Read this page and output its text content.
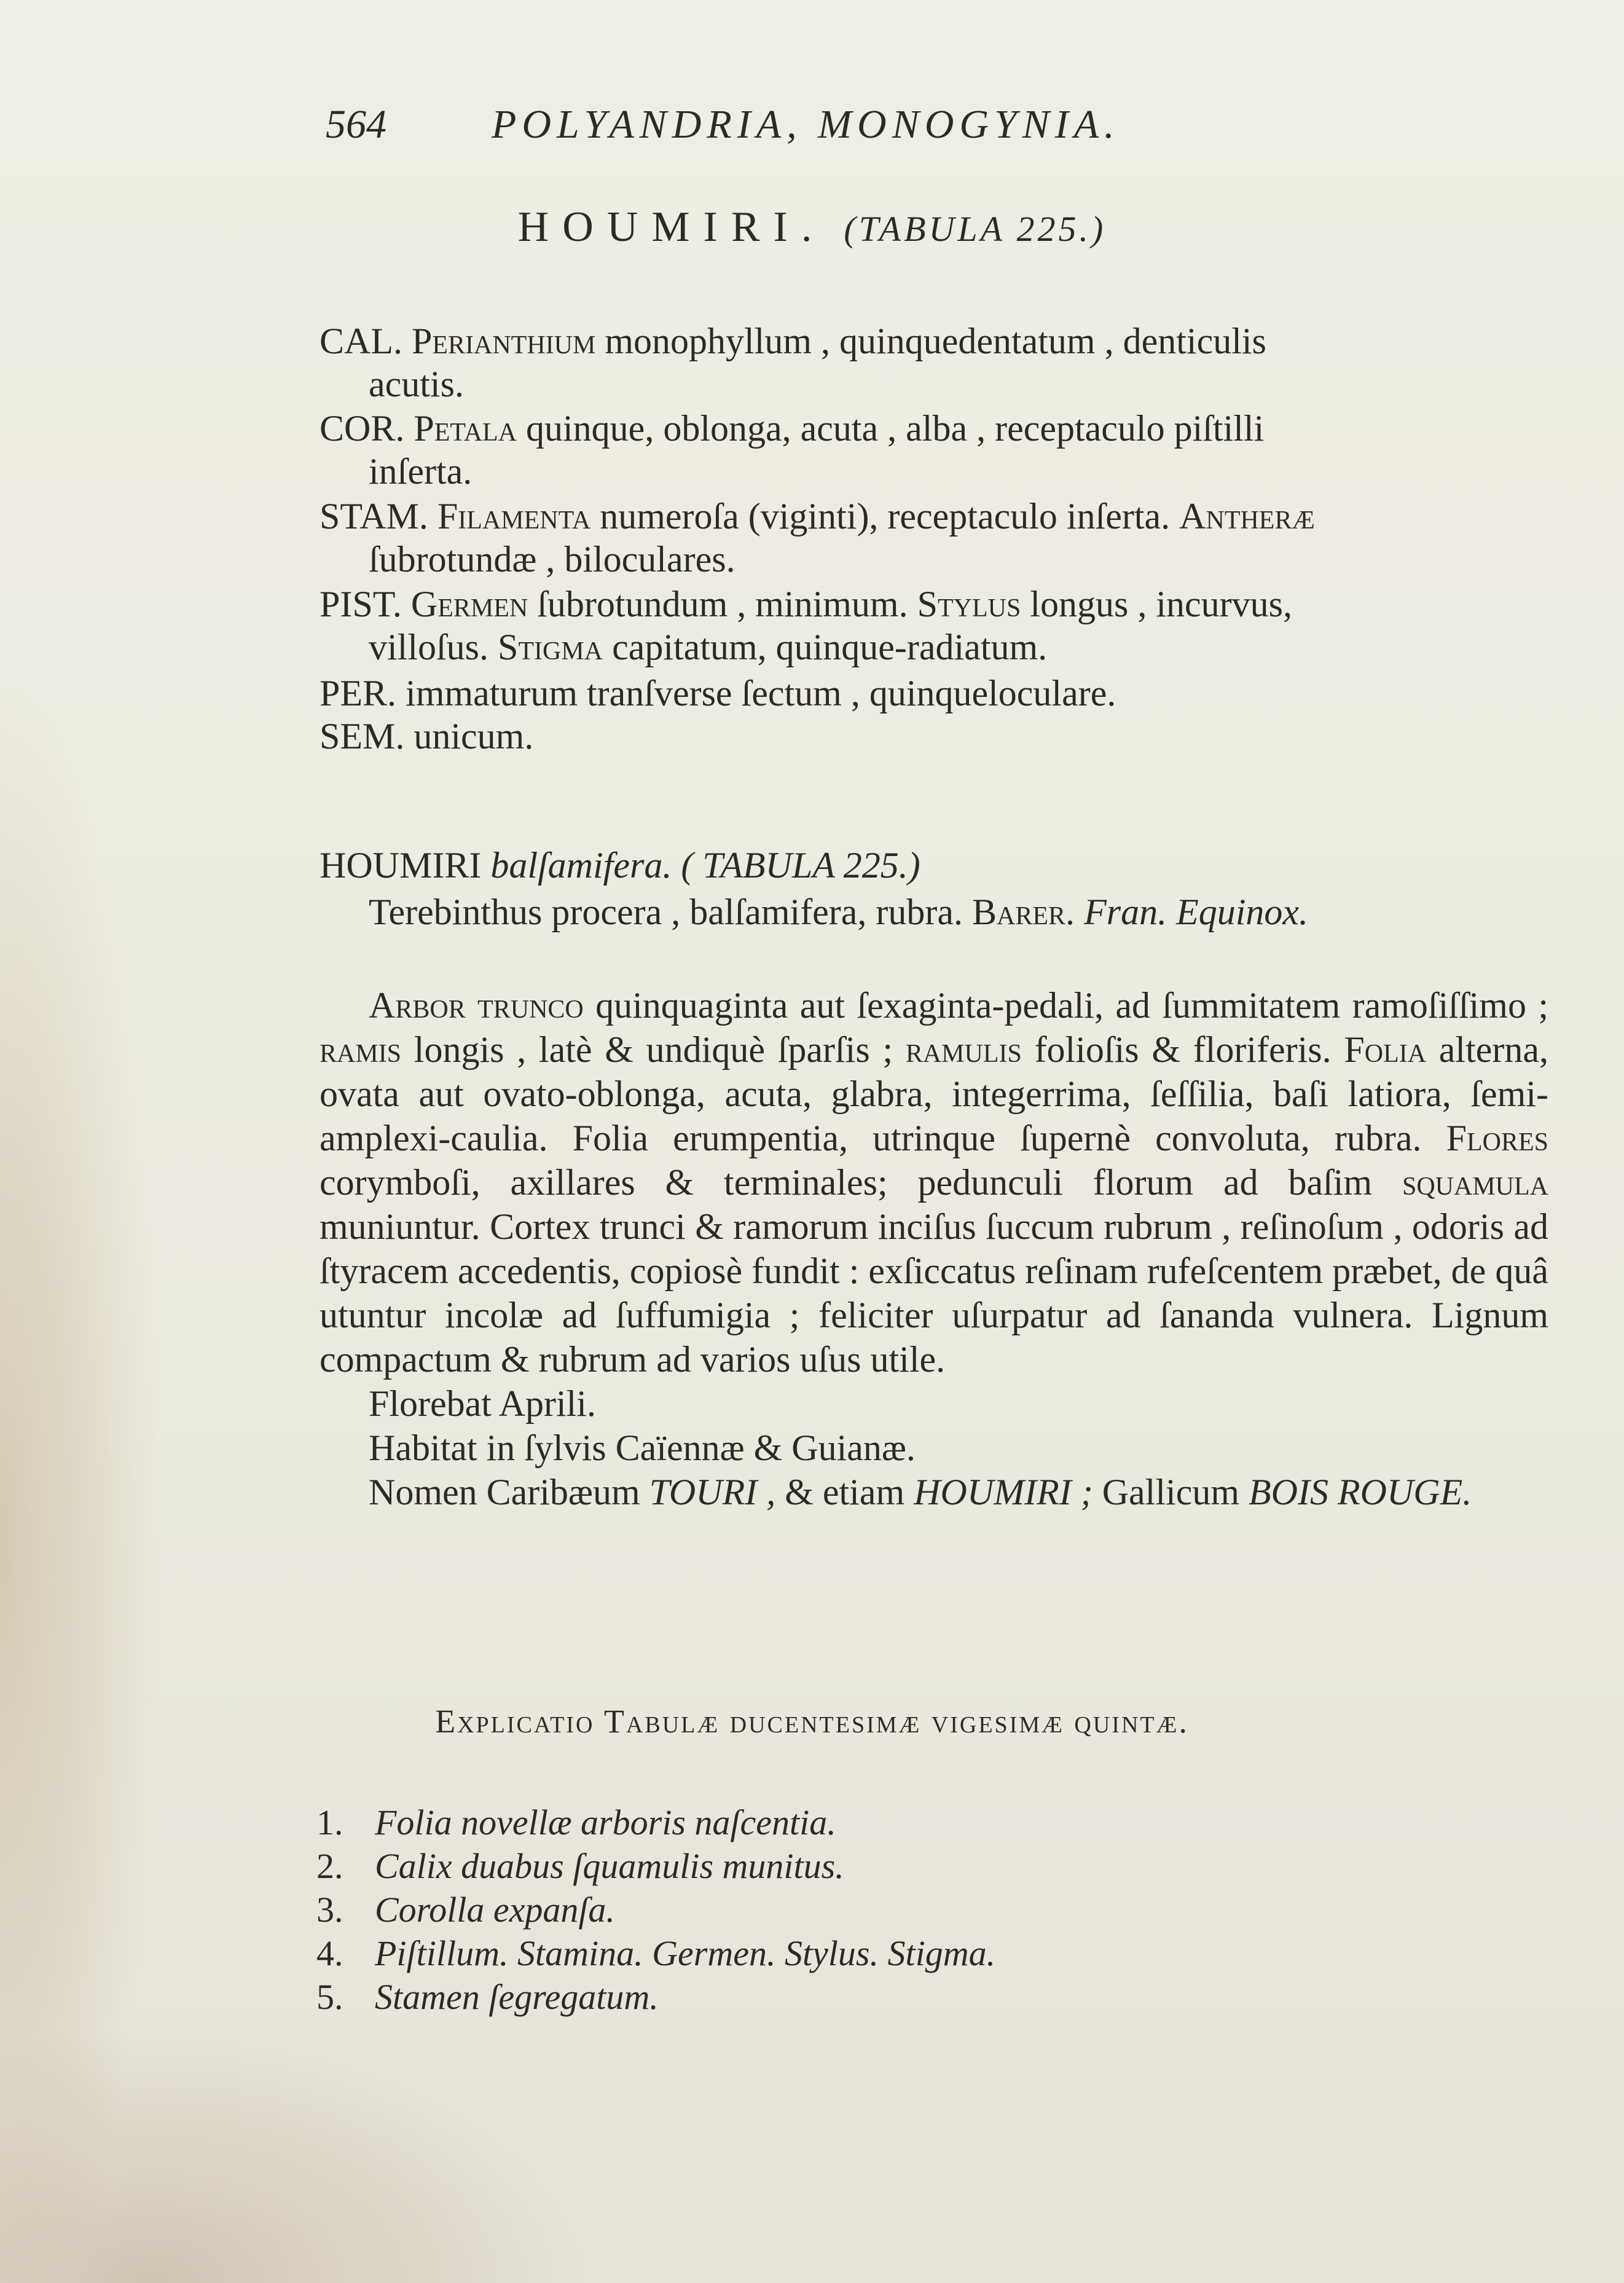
564	POLYANDRIA, MONOGYNIA.
HOUMIRI. (TABULA 225.)
CAL. Perianthium monophyllum , quinquedentatum , denticulis
acutis.
COR. Petala quinque, oblonga, acuta , alba , receptaculo piſtilli
inſerta.
STAM. Filamenta numeroſa (viginti), receptaculo inſerta. Antheræ
ſubrotundæ , biloculares.
PIST. Germen ſubrotundum , minimum. Stylus longus , incurvus,
villoſus. Stigma capitatum, quinque-radiatum.
PER. immaturum tranſverse ſectum , quinqueloculare.
SEM. unicum.
HOUMIRI balſamifera. ( TABULA 225.)
Terebinthus procera , balſamifera, rubra. Barer. Fran. Equinox.

Arbor trunco quinquaginta aut ſexaginta-pedali, ad ſummitatem ramoſiſſimo ; ramis longis , latè & undiquè ſparſis ; ramulis folioſis & floriferis. Folia alterna, ovata aut ovato-oblonga, acuta, glabra, integerrima, ſeſſilia, baſi latiora, ſemi-amplexi-caulia. Folia erumpentia, utrinque ſupernè convoluta, rubra. Flores corymboſi, axillares & terminales; pedunculi florum ad baſim squamula muniuntur. Cortex trunci & ramorum inciſus ſuccum rubrum , reſinoſum , odoris ad ſtyracem accedentis, copiosè fundit : exſiccatus reſinam rufeſcentem præbet, de quâ utuntur incolæ ad ſuffumigia ; feliciter uſurpatur ad ſananda vulnera. Lignum compactum & rubrum ad varios uſus utile.

Florebat Aprili.

Habitat in ſylvis Caïennæ & Guianæ.

Nomen Caribæum TOURI , & etiam HOUMIRI ; Gallicum BOIS ROUGE.

Explicatio Tabulæ ducentesimæ vigesimæ quintæ.
1. Folia novellæ arboris naſcentia.
2. Calix duabus ſquamulis munitus.
3. Corolla expanſa.
4. Piſtillum. Stamina. Germen. Stylus. Stigma.
5. Stamen ſegregatum.
